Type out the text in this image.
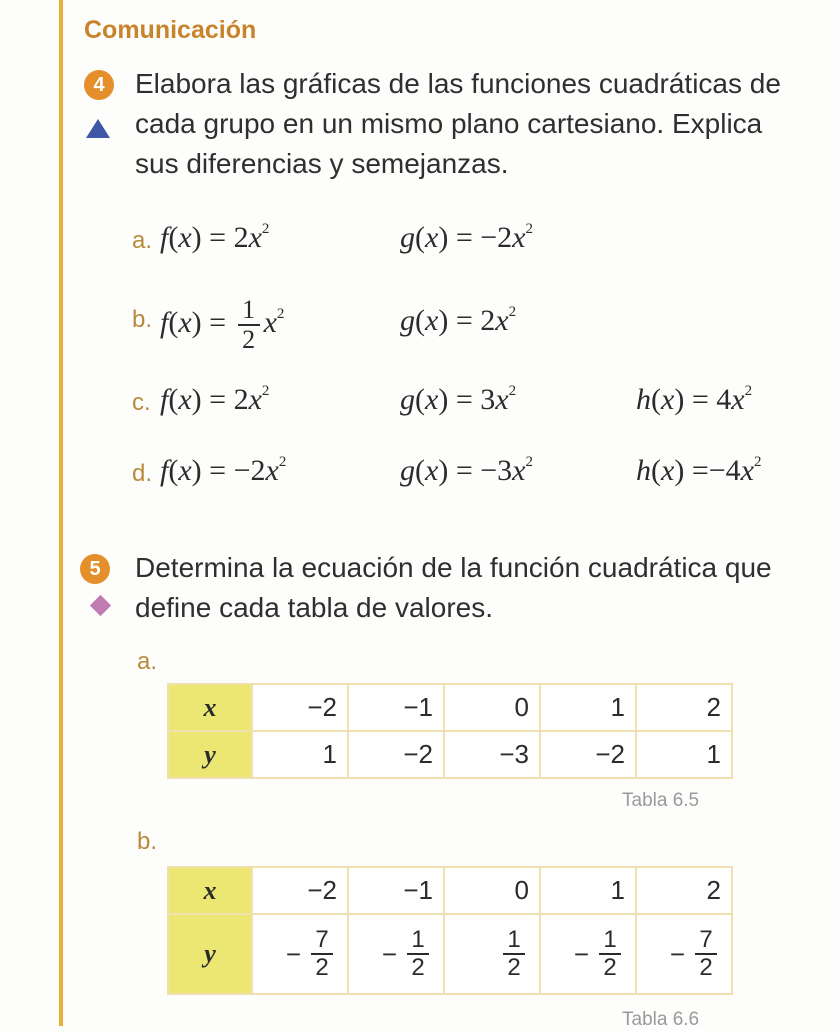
Comunicación
4	Elabora las gráficas de las funciones cuadráticas de
cada grupo en un mismo plano cartesiano. Explica
sus diferencias y semejanzas.
a. $f(x) = 2x^2$	$g(x) = -2x^2$
b. $f(x) = \frac{1}{2} x^2$	$g(x) = 2x^2$
c. $f(x) = 2x^2$	$g(x) = 3x^2$	$h(x) = 4x^2$
d. $f(x) = -2x^2$	$g(x) = -3x^2$	$h(x) =-4x^2$
5	Determina la ecuación de la función cuadrática que
define cada tabla de valores.
a.
x	−2	−1	0	1	2
y	1	−2	−3	−2	1
Tabla 6.5
b.
x	−2	−1	0	1	2
y	− $\frac{7}{2}$	− $\frac{1}{2}$	$\frac{1}{2}$	− $\frac{1}{2}$	− $\frac{7}{2}$
Tabla 6.6
